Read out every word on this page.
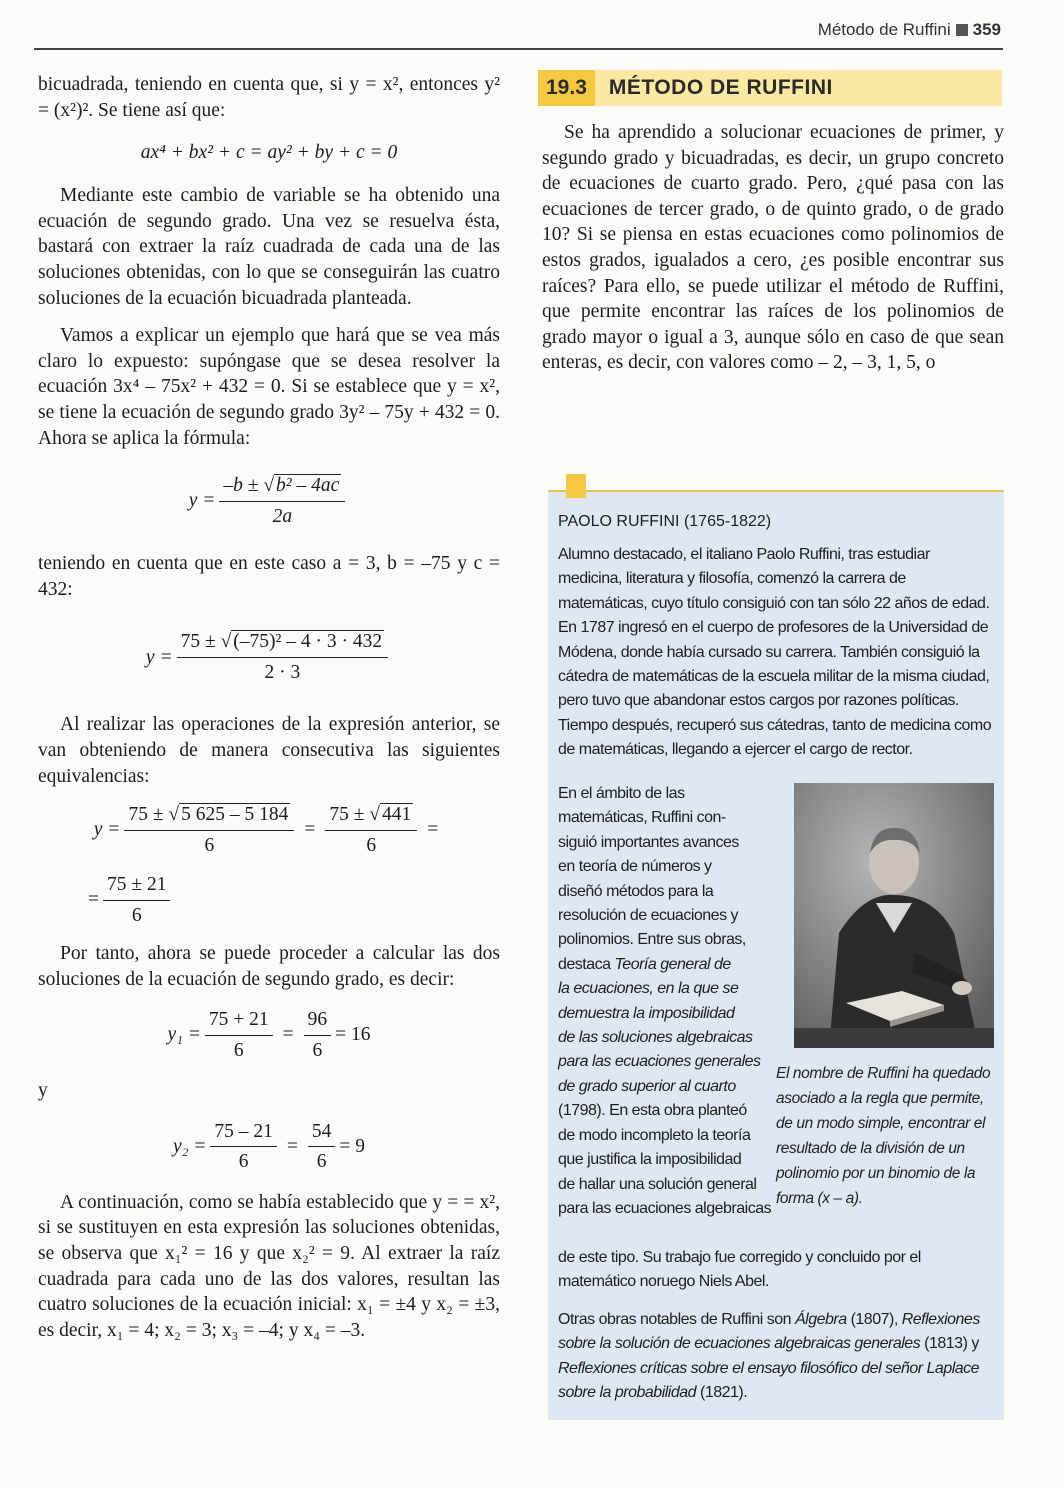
Método de Ruffini 359

bicuadrada, teniendo en cuenta que, si y = x², entonces y² = (x²)². Se tiene así que:

ax⁴ + bx² + c = ay² + by + c = 0

Mediante este cambio de variable se ha obtenido una ecuación de segundo grado. Una vez se resuelva ésta, bastará con extraer la raíz cuadrada de cada una de las soluciones obtenidas, con lo que se conseguirán las cuatro soluciones de la ecuación bicuadrada planteada.

Vamos a explicar un ejemplo que hará que se vea más claro lo expuesto: supóngase que se desea resolver la ecuación 3x⁴ – 75x² + 432 = 0. Si se establece que y = x², se tiene la ecuación de segundo grado 3y² – 75y + 432 = 0. Ahora se aplica la fórmula:

$y = \frac{\text{–b ± √ b² – 4ac}}{2a}$

teniendo en cuenta que en este caso a = 3, b = –75 y c = 432:

$y = \frac{\text{75 ± √ (–75)² – 4 · 3 · 432}}{2 \cdot 3}$

Al realizar las operaciones de la expresión anterior, se van obteniendo de manera consecutiva las siguientes equivalencias:

$y = \frac{75 \pm √ 5 625 - 5 184}{6} = \frac{75 \pm √ 441}{6}$ =
= $\frac{75 \pm 21}{6}$

Por tanto, ahora se puede proceder a calcular las dos soluciones de la ecuación de segundo grado, es decir:

$y_1 = \frac{75 + 21}{6} = \frac{96}{6} = 16$

y

$y_2 = \frac{75 - 21}{6} = \frac{54}{6} = 9$

A continuación, como se había establecido que y = = x², si se sustituyen en esta expresión las soluciones obtenidas, se observa que x₁² = 16 y que x₂² = 9. Al extraer la raíz cuadrada para cada uno de las dos valores, resultan las cuatro soluciones de la ecuación inicial: x₁ = ±4 y x₂ = ±3, es decir, x₁ = 4; x₂ = 3; x₃ = –4; y x₄ = –3.

19.3	MÉTODO DE RUFFINI

Se ha aprendido a solucionar ecuaciones de primer, y segundo grado y bicuadradas, es decir, un grupo concreto de ecuaciones de cuarto grado. Pero, ¿qué pasa con las ecuaciones de tercer grado, o de quinto grado, o de grado 10? Si se piensa en estas ecuaciones como polinomios de estos grados, igualados a cero, ¿es posible encontrar sus raíces? Para ello, se puede utilizar el método de Ruffini, que permite encontrar las raíces de los polinomios de grado mayor o igual a 3, aunque sólo en caso de que sean enteras, es decir, con valores como – 2, – 3, 1, 5, o

PAOLO RUFFINI (1765-1822)
Alumno destacado, el italiano Paolo Ruffini, tras estudiar medicina, literatura y filosofía, comenzó la carrera de matemáticas, cuyo título consiguió con tan sólo 22 años de edad. En 1787 ingresó en el cuerpo de profesores de la Universidad de Módena, donde había cursado su carrera. También consiguió la cátedra de matemáticas de la escuela militar de la misma ciudad, pero tuvo que abandonar estos cargos por razones políticas. Tiempo después, recuperó sus cátedras, tanto de medicina como de matemáticas, llegando a ejercer el cargo de rector.
En el ámbito de las
matemáticas, Ruffini con-
siguió importantes avances
en teoría de números y
diseñó métodos para la
resolución de ecuaciones y
polinomios. Entre sus obras,
destaca Teoría general de
la ecuaciones, en la que se
demuestra la imposibilidad
de las soluciones algebraicas
para las ecuaciones generales
de grado superior al cuarto
(1798). En esta obra planteó
de modo incompleto la teoría
que justifica la imposibilidad
de hallar una solución general
para las ecuaciones algebraicas
de este tipo. Su trabajo fue corregido y concluido por el matemático noruego Niels Abel.
Otras obras notables de Ruffini son Álgebra (1807), Reflexiones sobre la solución de ecuaciones algebraicas generales (1813) y Reflexiones críticas sobre el ensayo filosófico del señor Laplace sobre la probabilidad (1821).
El nombre de Ruffini ha quedado asociado a la regla que permite, de un modo simple, encontrar el resultado de la división de un polinomio por un binomio de la forma (x – a).
